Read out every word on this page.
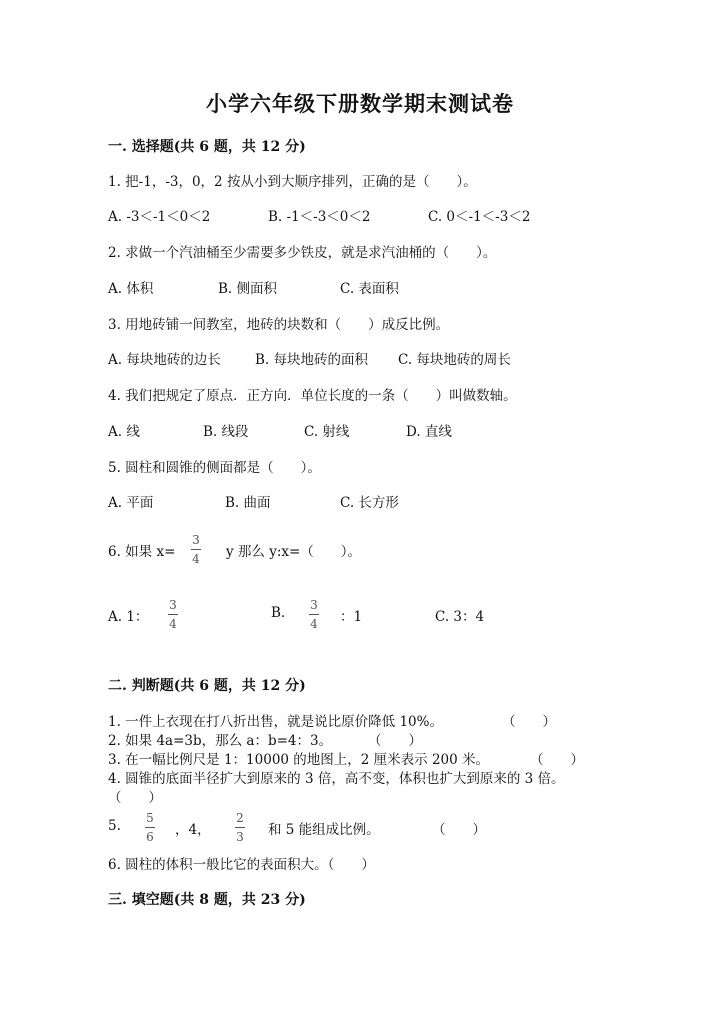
小学六年级下册数学期末测试卷
一. 选择题(共 6 题，共 12 分)
1. 把-1，-3，0，2 按从小到大顺序排列，正确的是（　　）。
A. -3＜-1＜0＜2	B. -1＜-3＜0＜2	C. 0＜-1＜-3＜2
2. 求做一个汽油桶至少需要多少铁皮，就是求汽油桶的（　　）。
A. 体积	B. 侧面积	C. 表面积
3. 用地砖铺一间教室，地砖的块数和（　　）成反比例。
A. 每块地砖的边长	B. 每块地砖的面积 C. 每块地砖的周长
4. 我们把规定了原点．正方向．单位长度的一条（　　）叫做数轴。
A. 线	B. 线段	C. 射线	D. 直线
5. 圆柱和圆锥的侧面都是（　　）。
A. 平面	B. 曲面	C. 长方形
6. 如果 x=
3
4 y 那么 y:x=（　　）。
A. 1：
3
4
B. 3
4 ：1	C. 3：4
二. 判断题(共 6 题，共 12 分)
1. 一件上衣现在打八折出售，就是说比原价降低 10%。	（　　）
2. 如果 4a=3b，那么 a：b=4：3。	（　　）
3. 在一幅比例尺是 1：10000 的地图上，2 厘米表示 200 米。	（　　）
4. 圆锥的底面半径扩大到原来的 3 倍，高不变，体积也扩大到原来的 3 倍。
（　　）
5. 5
6 ，4，
2
3 和 5 能组成比例。	（　　）
6. 圆柱的体积一般比它的表面积大。（　　）
三. 填空题(共 8 题，共 23 分)
